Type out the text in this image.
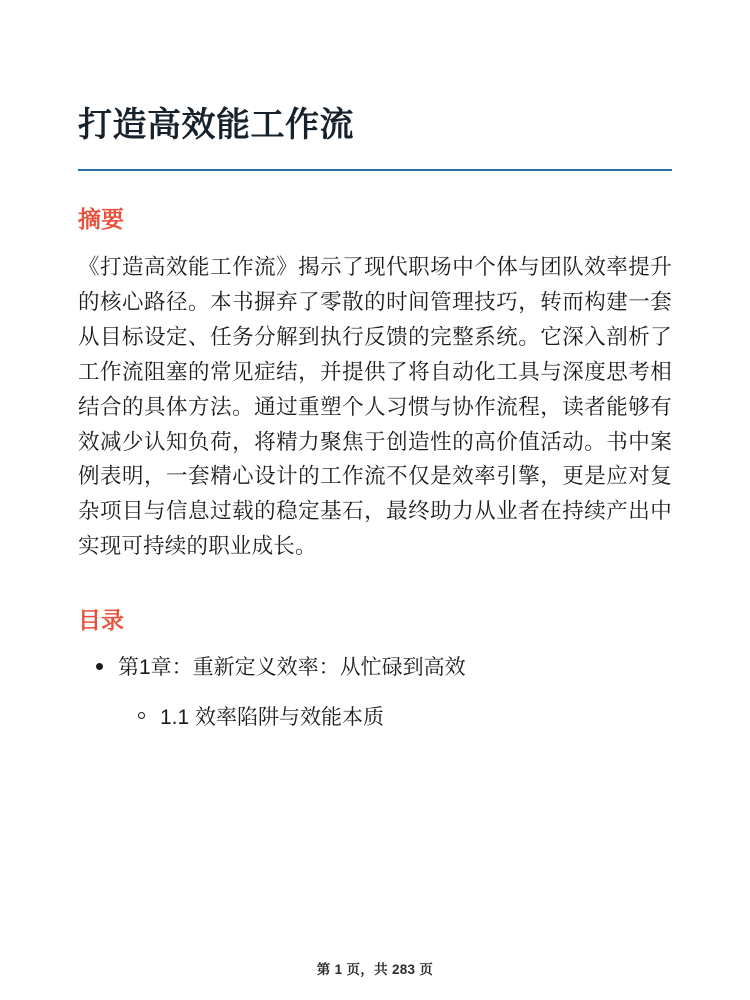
打造高效能工作流
摘要

《打造高效能工作流》揭示了现代职场中个体与团队效率提升的核心路径。本书摒弃了零散的时间管理技巧，转而构建一套从目标设定、任务分解到执行反馈的完整系统。它深入剖析了工作流阻塞的常见症结，并提供了将自动化工具与深度思考相结合的具体方法。通过重塑个人习惯与协作流程，读者能够有效减少认知负荷，将精力聚焦于创造性的高价值活动。书中案例表明，一套精心设计的工作流不仅是效率引擎，更是应对复杂项目与信息过载的稳定基石，最终助力从业者在持续产出中实现可持续的职业成长。

目录
第1章：重新定义效率：从忙碌到高效
1.1 效率陷阱与效能本质
第 1 页，共 283 页
